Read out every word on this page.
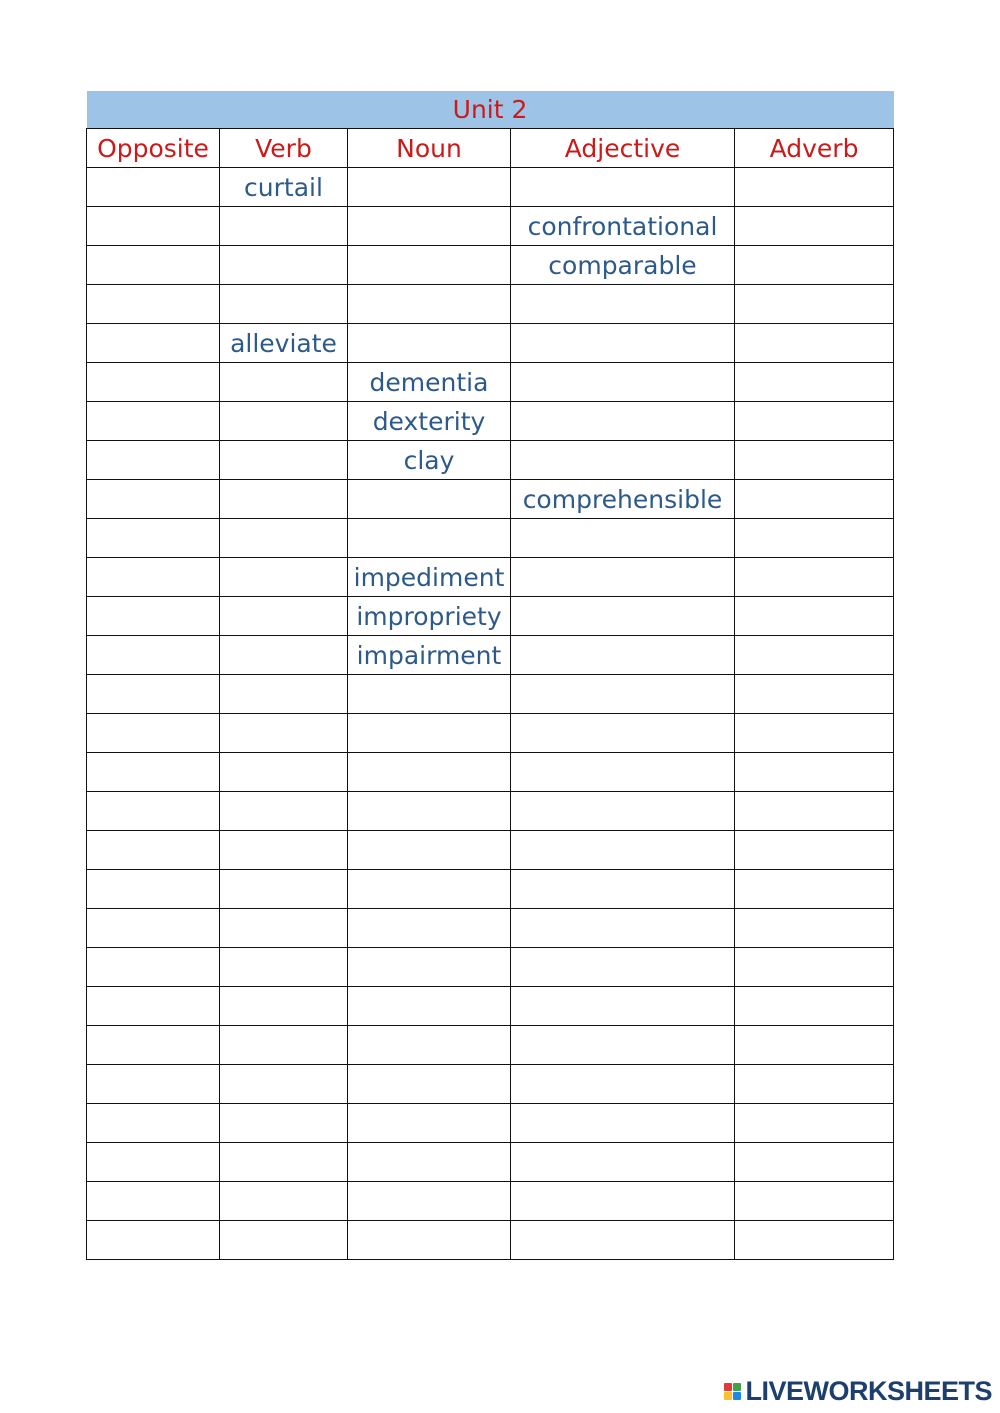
Unit 2				
Opposite	Verb	Noun	Adjective	Adverb
	curtail			
			confrontational	
			comparable	

	alleviate			
		dementia		
		dexterity		
		clay		
			comprehensible	

		impediment		
		impropriety		
		impairment		

LIVEWORKSHEETS
